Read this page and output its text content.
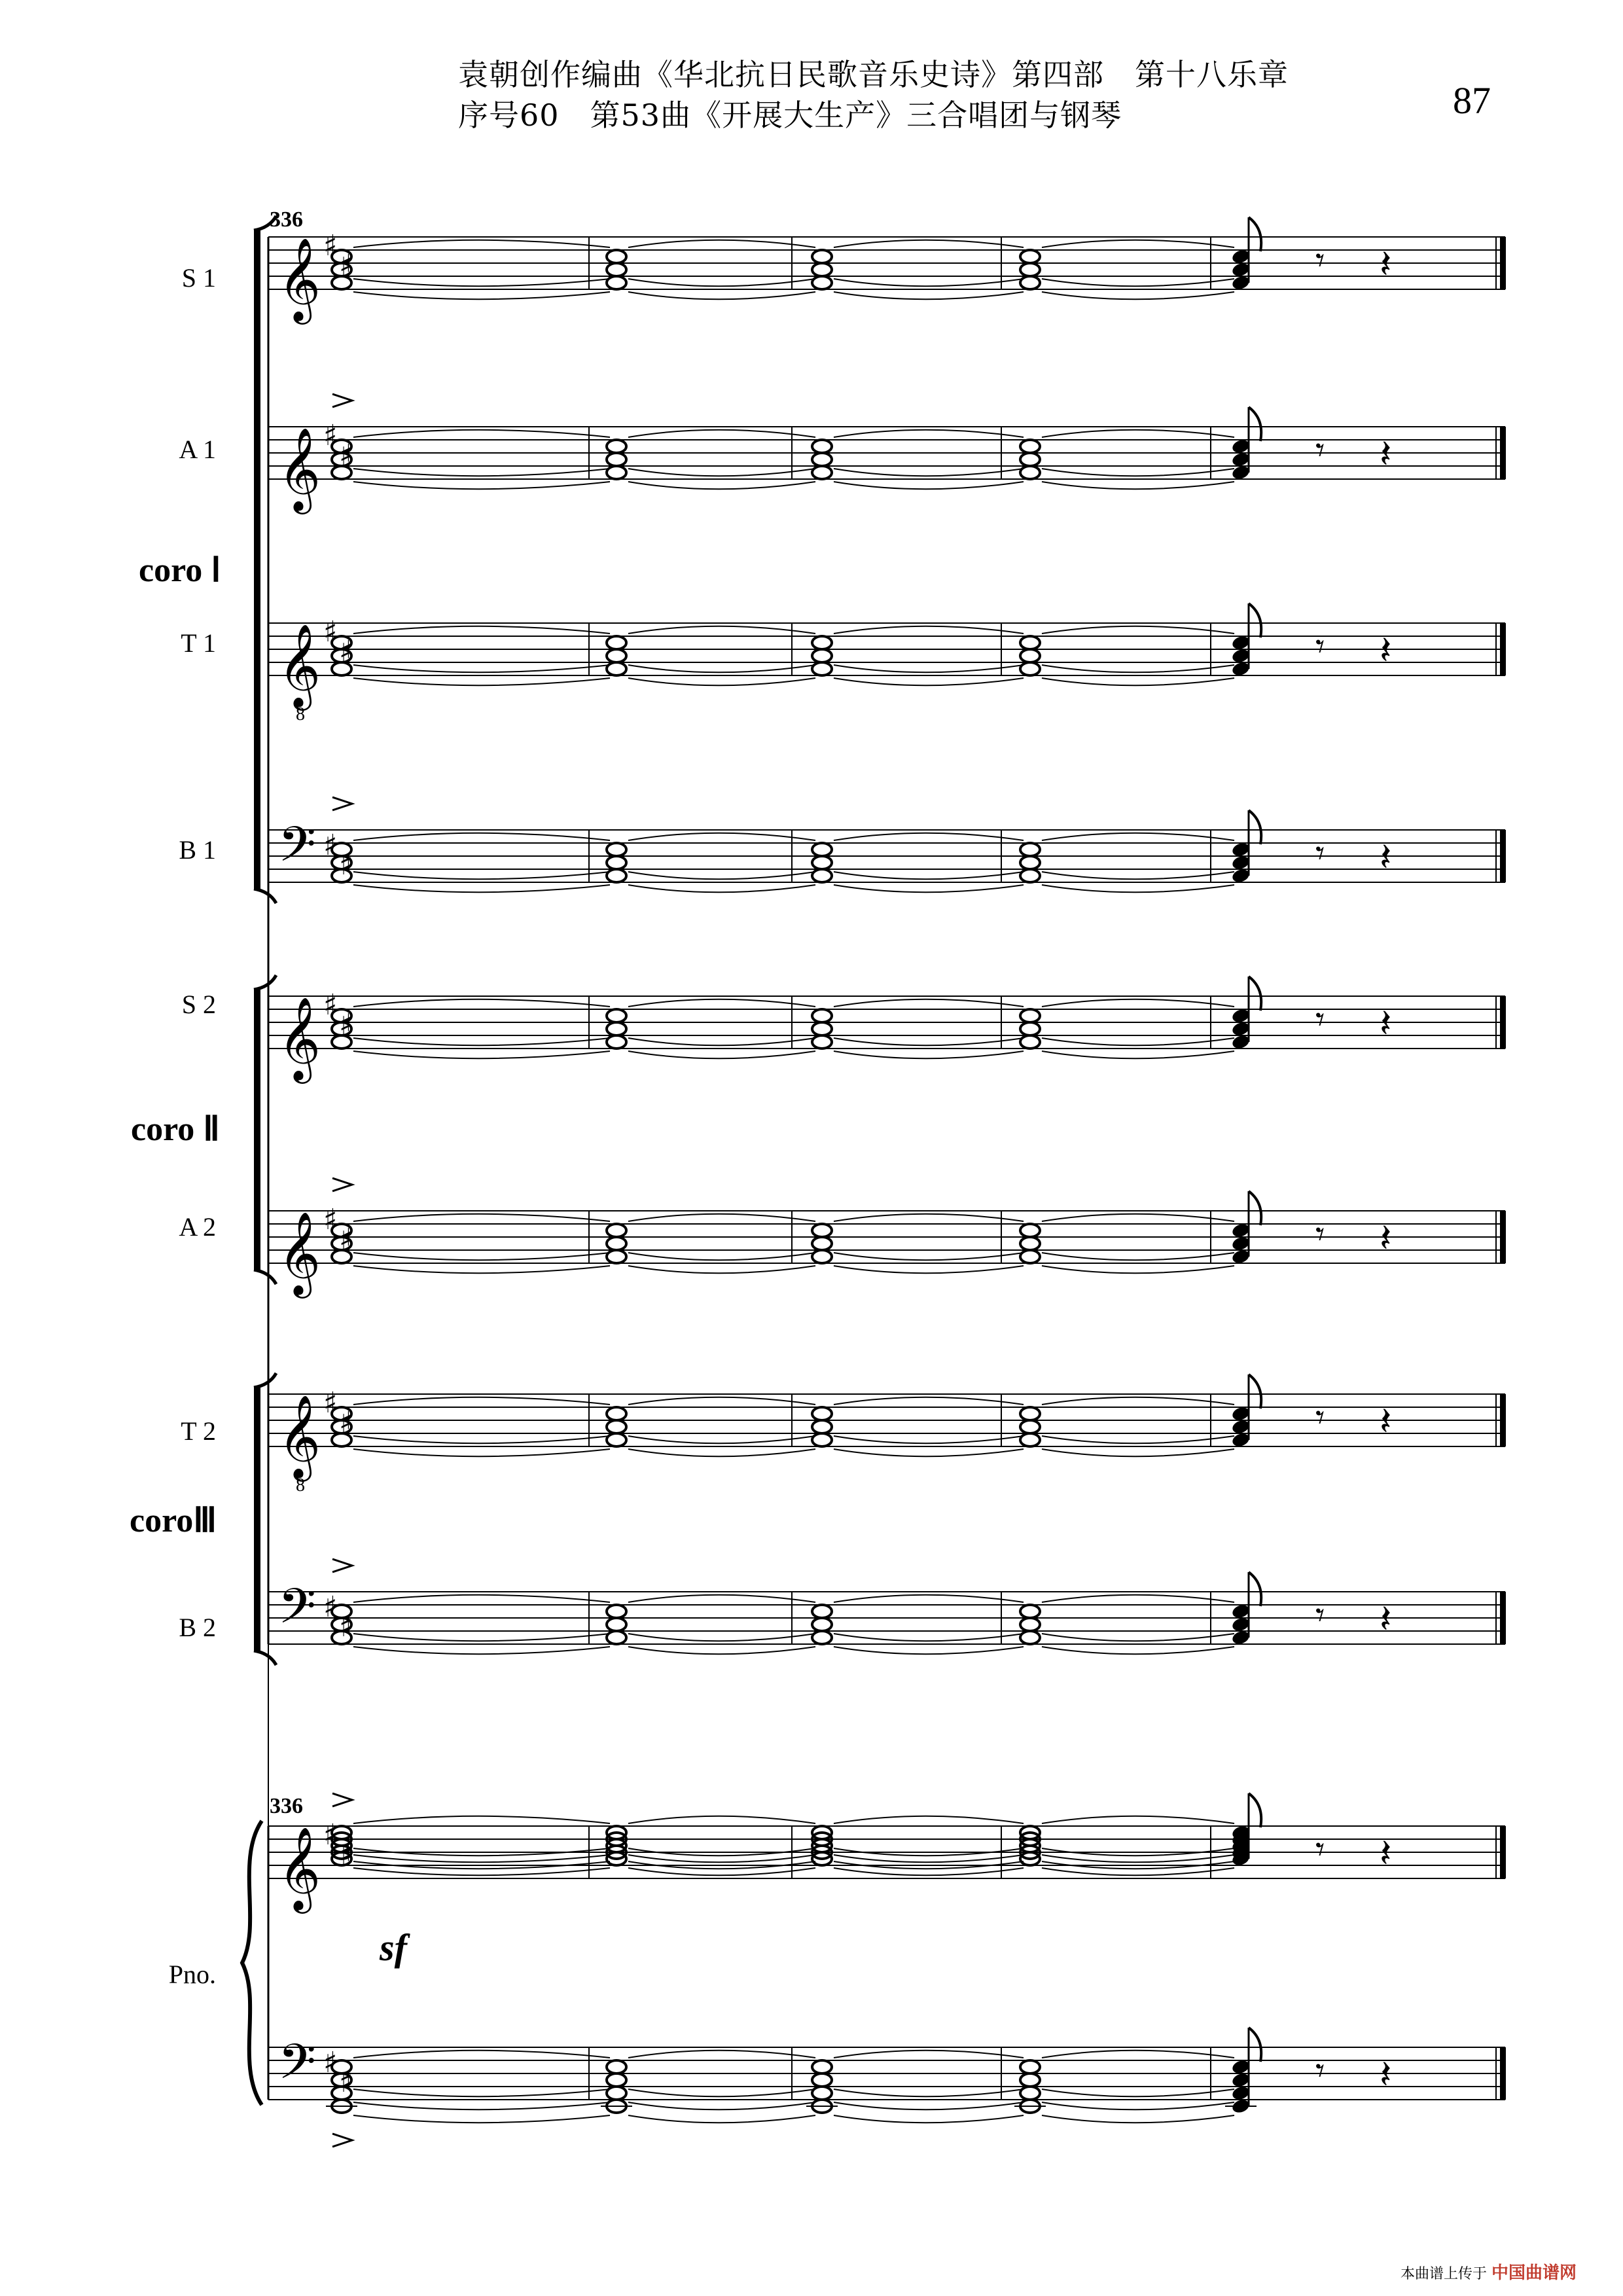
袁朝创作编曲《华北抗日民歌音乐史诗》第四部　第十八乐章
序号60　第53曲《开展大生产》三合唱团与钢琴	87
S 1 𝄞 ♯
♯	𝄾 𝄽
A 1 𝄞 ♯
♯	𝄾 𝄽
T 1 𝄞
8
♯
♯	𝄾 𝄽
B 1 𝄢 ♯
♯	𝄾 𝄽
S 2 𝄞 ♯
♯	𝄾 𝄽
A 2 𝄞 ♯
♯	𝄾 𝄽
T 2 𝄞
8
♯
♯	𝄾 𝄽
B 2 𝄢 ♯
♯	𝄾 𝄽
Pno.
𝄞 ♯
♯	𝄾 𝄽
𝄢 ♯
♯	𝄾 𝄽
336
336
sf
coro Ⅰ
coro Ⅱ
coroⅢ
本曲谱上传于 中国曲谱网
